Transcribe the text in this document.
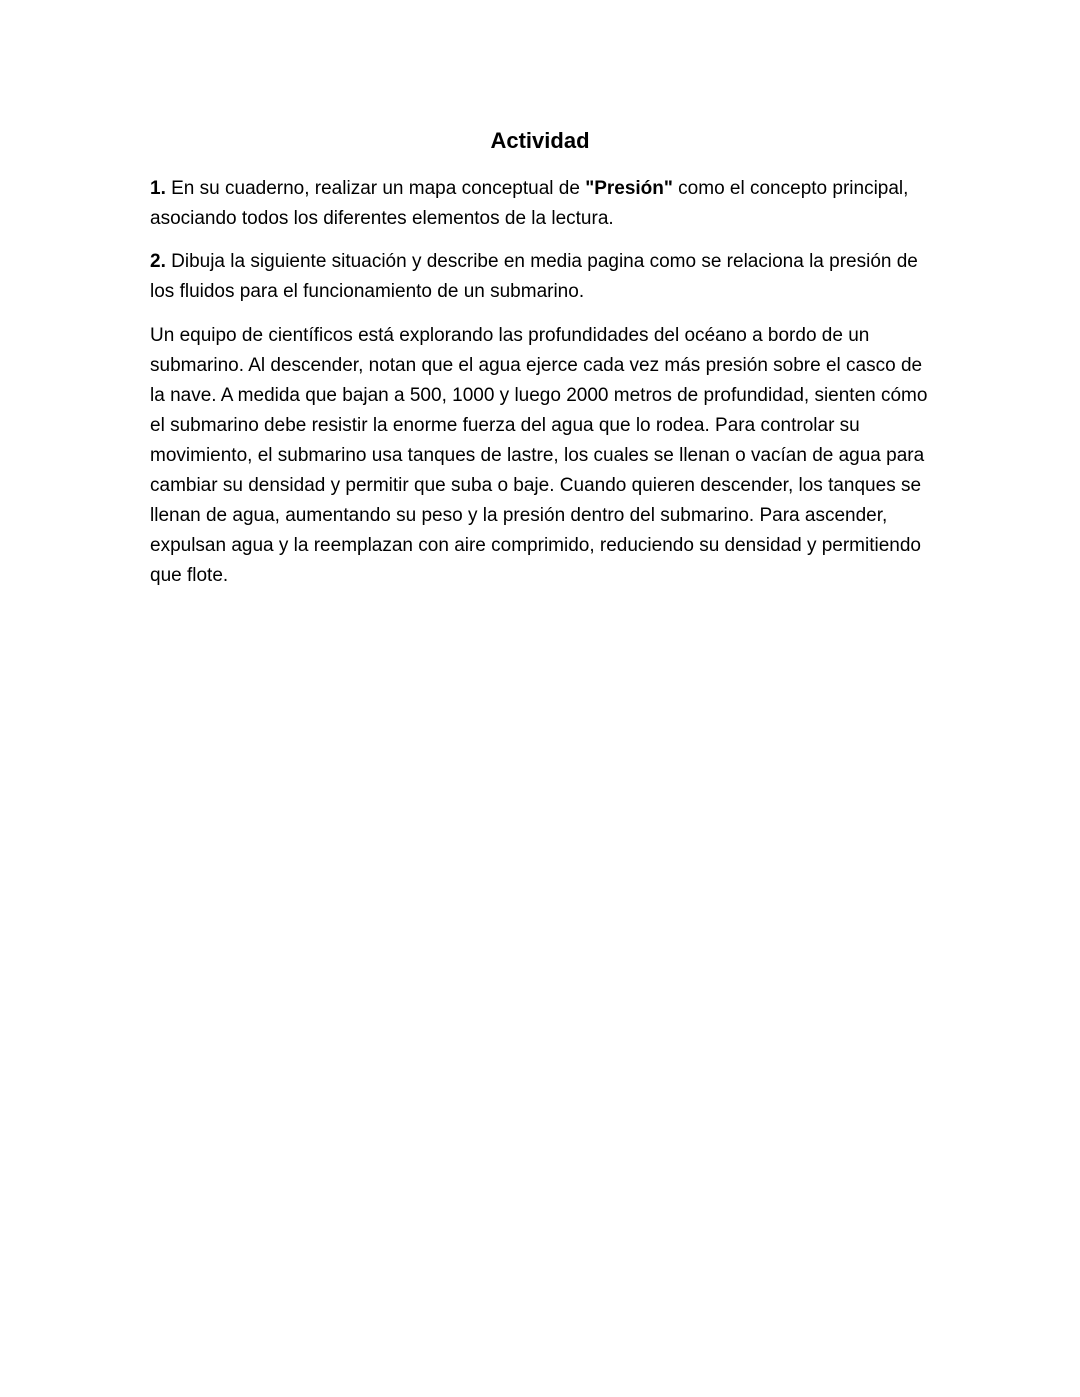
Actividad

1. En su cuaderno, realizar un mapa conceptual de "Presión" como el concepto principal, asociando todos los diferentes elementos de la lectura.

2. Dibuja la siguiente situación y describe en media pagina como se relaciona la presión de los fluidos para el funcionamiento de un submarino.

Un equipo de científicos está explorando las profundidades del océano a bordo de un submarino. Al descender, notan que el agua ejerce cada vez más presión sobre el casco de la nave. A medida que bajan a 500, 1000 y luego 2000 metros de profundidad, sienten cómo el submarino debe resistir la enorme fuerza del agua que lo rodea. Para controlar su movimiento, el submarino usa tanques de lastre, los cuales se llenan o vacían de agua para cambiar su densidad y permitir que suba o baje. Cuando quieren descender, los tanques se llenan de agua, aumentando su peso y la presión dentro del submarino. Para ascender, expulsan agua y la reemplazan con aire comprimido, reduciendo su densidad y permitiendo que flote.
